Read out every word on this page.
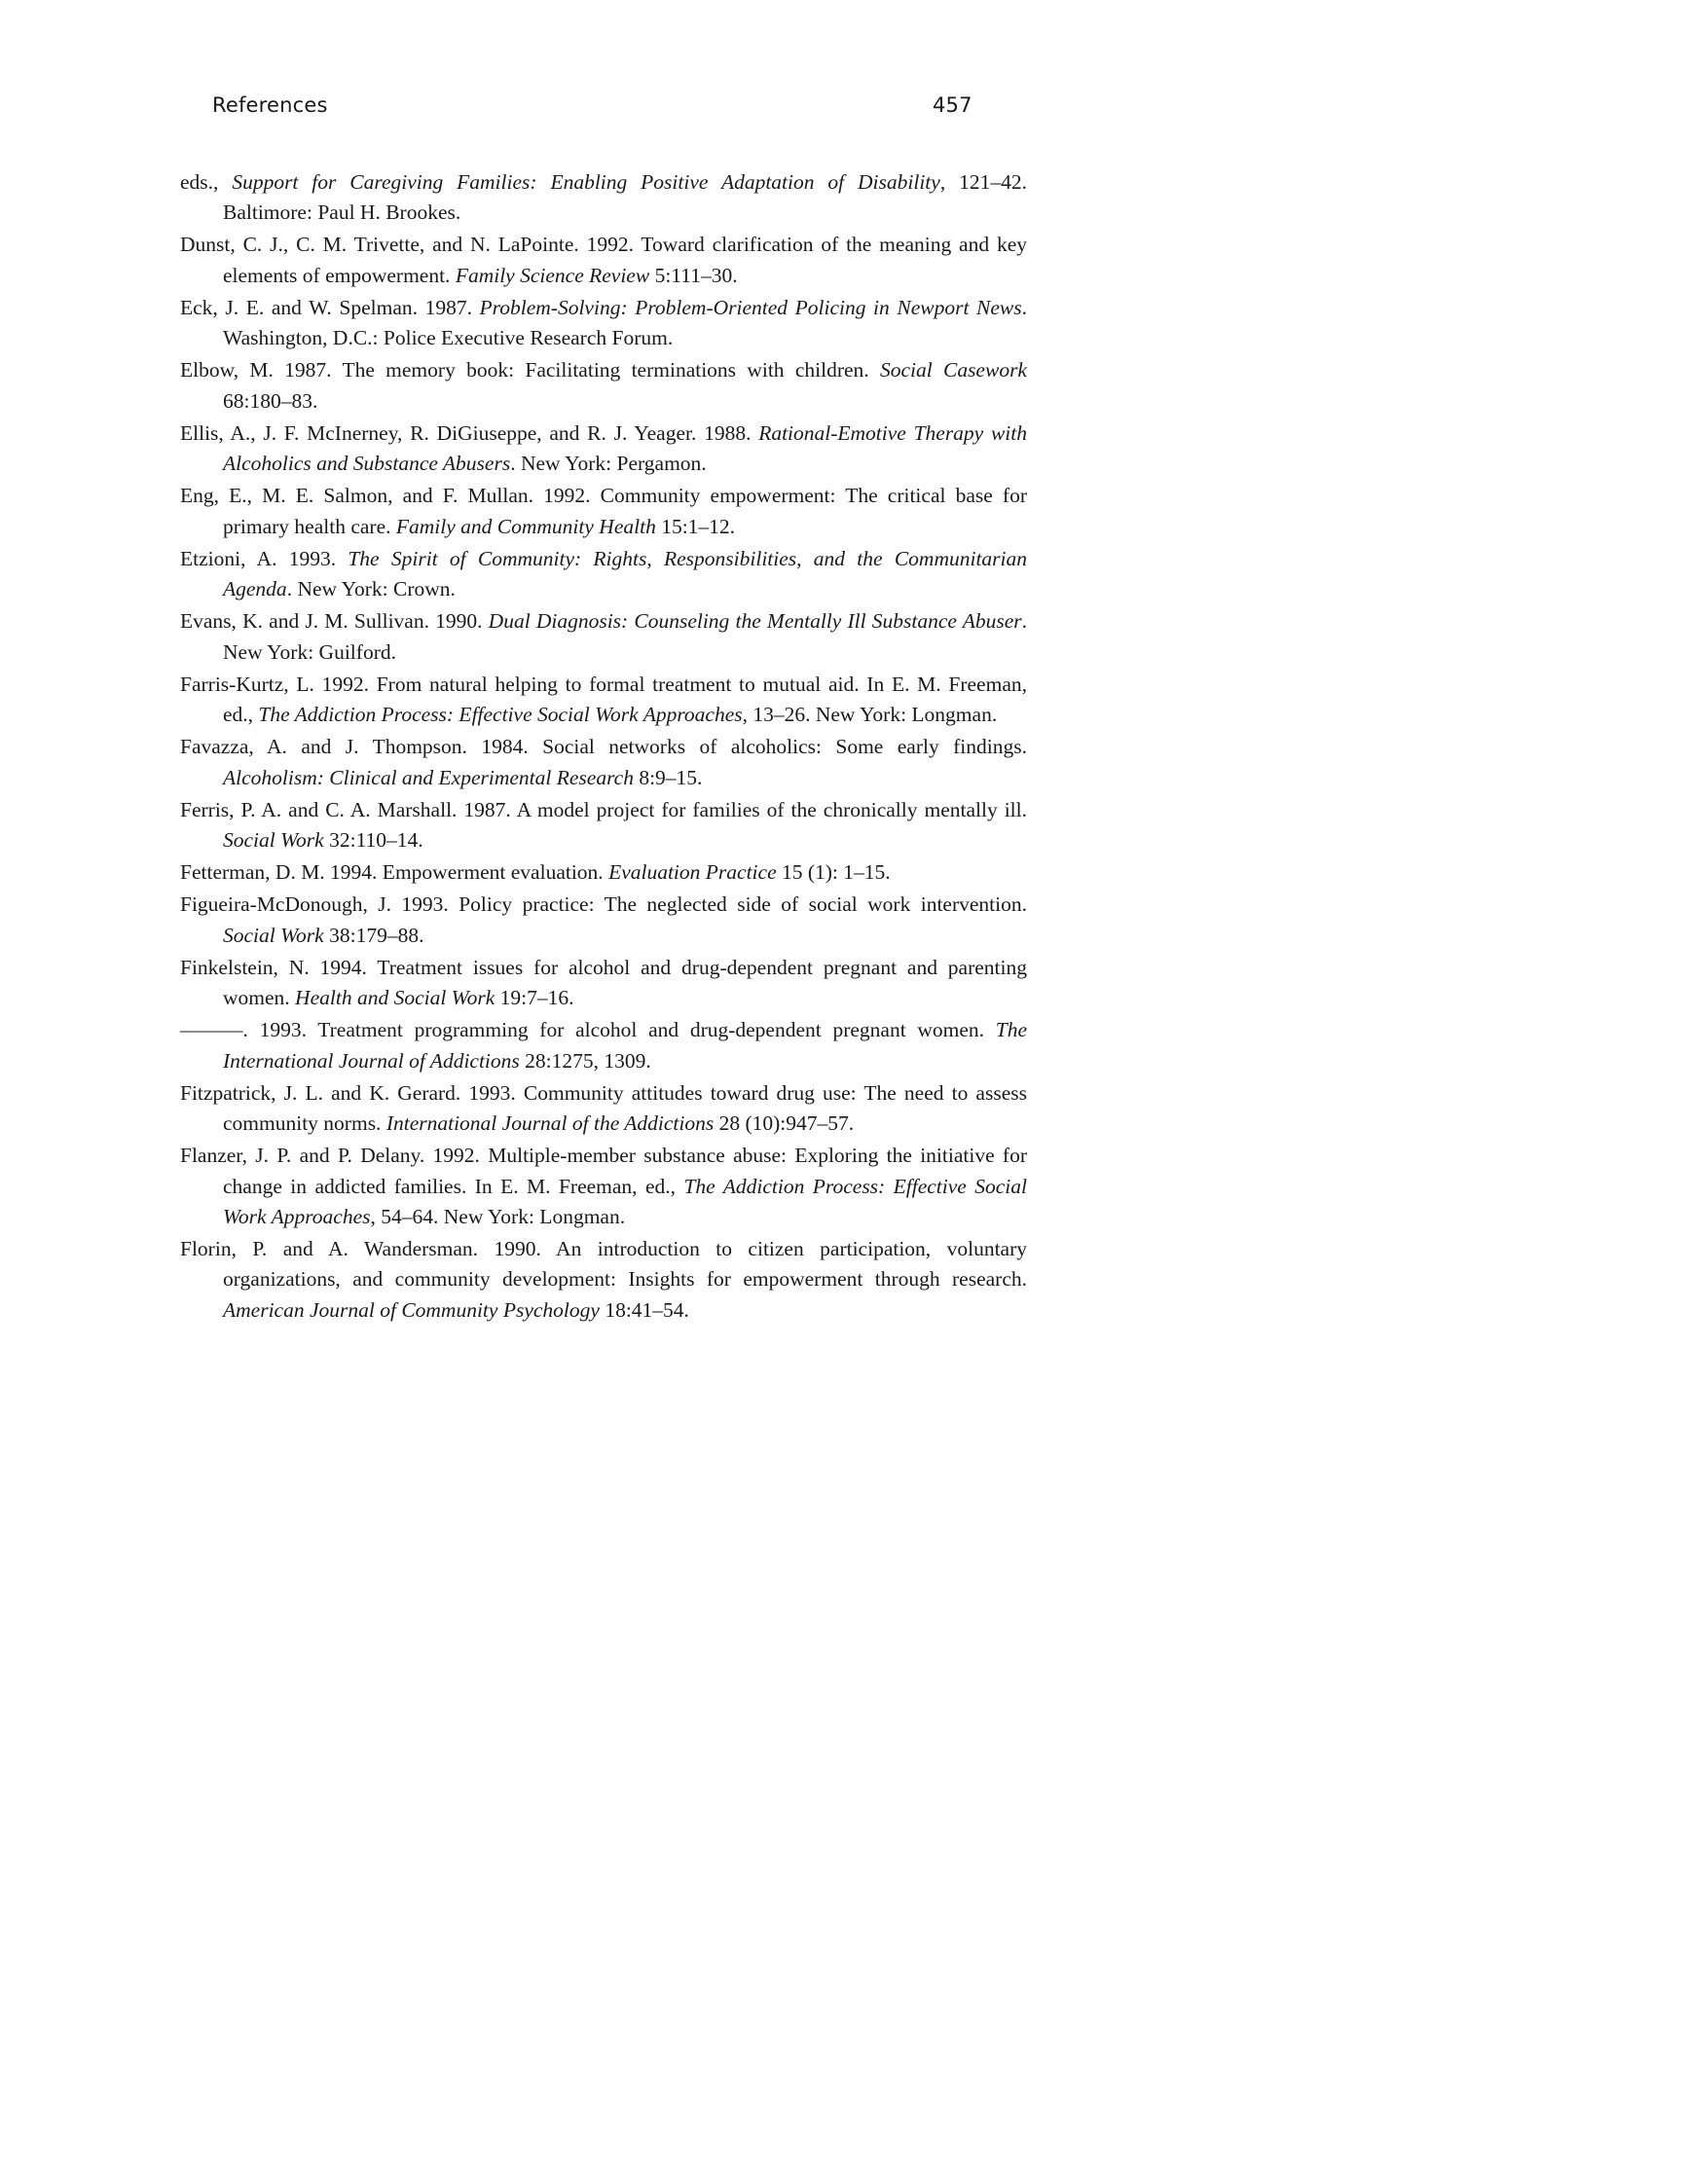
References	457

eds., Support for Caregiving Families: Enabling Positive Adaptation of Disability, 121–42. Baltimore: Paul H. Brookes.

Dunst, C. J., C. M. Trivette, and N. LaPointe. 1992. Toward clarification of the meaning and key elements of empowerment. Family Science Review 5:111–30.

Eck, J. E. and W. Spelman. 1987. Problem-Solving: Problem-Oriented Policing in Newport News. Washington, D.C.: Police Executive Research Forum.

Elbow, M. 1987. The memory book: Facilitating terminations with children. Social Casework 68:180–83.

Ellis, A., J. F. McInerney, R. DiGiuseppe, and R. J. Yeager. 1988. Rational-Emotive Therapy with Alcoholics and Substance Abusers. New York: Pergamon.

Eng, E., M. E. Salmon, and F. Mullan. 1992. Community empowerment: The critical base for primary health care. Family and Community Health 15:1–12.

Etzioni, A. 1993. The Spirit of Community: Rights, Responsibilities, and the Communitarian Agenda. New York: Crown.

Evans, K. and J. M. Sullivan. 1990. Dual Diagnosis: Counseling the Mentally Ill Substance Abuser. New York: Guilford.

Farris-Kurtz, L. 1992. From natural helping to formal treatment to mutual aid. In E. M. Freeman, ed., The Addiction Process: Effective Social Work Approaches, 13–26. New York: Longman.

Favazza, A. and J. Thompson. 1984. Social networks of alcoholics: Some early findings. Alcoholism: Clinical and Experimental Research 8:9–15.

Ferris, P. A. and C. A. Marshall. 1987. A model project for families of the chronically mentally ill. Social Work 32:110–14.

Fetterman, D. M. 1994. Empowerment evaluation. Evaluation Practice 15 (1): 1–15.

Figueira-McDonough, J. 1993. Policy practice: The neglected side of social work intervention. Social Work 38:179–88.

Finkelstein, N. 1994. Treatment issues for alcohol and drug-dependent pregnant and parenting women. Health and Social Work 19:7–16.

———. 1993. Treatment programming for alcohol and drug-dependent pregnant women. The International Journal of Addictions 28:1275, 1309.

Fitzpatrick, J. L. and K. Gerard. 1993. Community attitudes toward drug use: The need to assess community norms. International Journal of the Addictions 28 (10):947–57.

Flanzer, J. P. and P. Delany. 1992. Multiple-member substance abuse: Exploring the initiative for change in addicted families. In E. M. Freeman, ed., The Addiction Process: Effective Social Work Approaches, 54–64. New York: Longman.

Florin, P. and A. Wandersman. 1990. An introduction to citizen participation, voluntary organizations, and community development: Insights for empowerment through research. American Journal of Community Psychology 18:41–54.
